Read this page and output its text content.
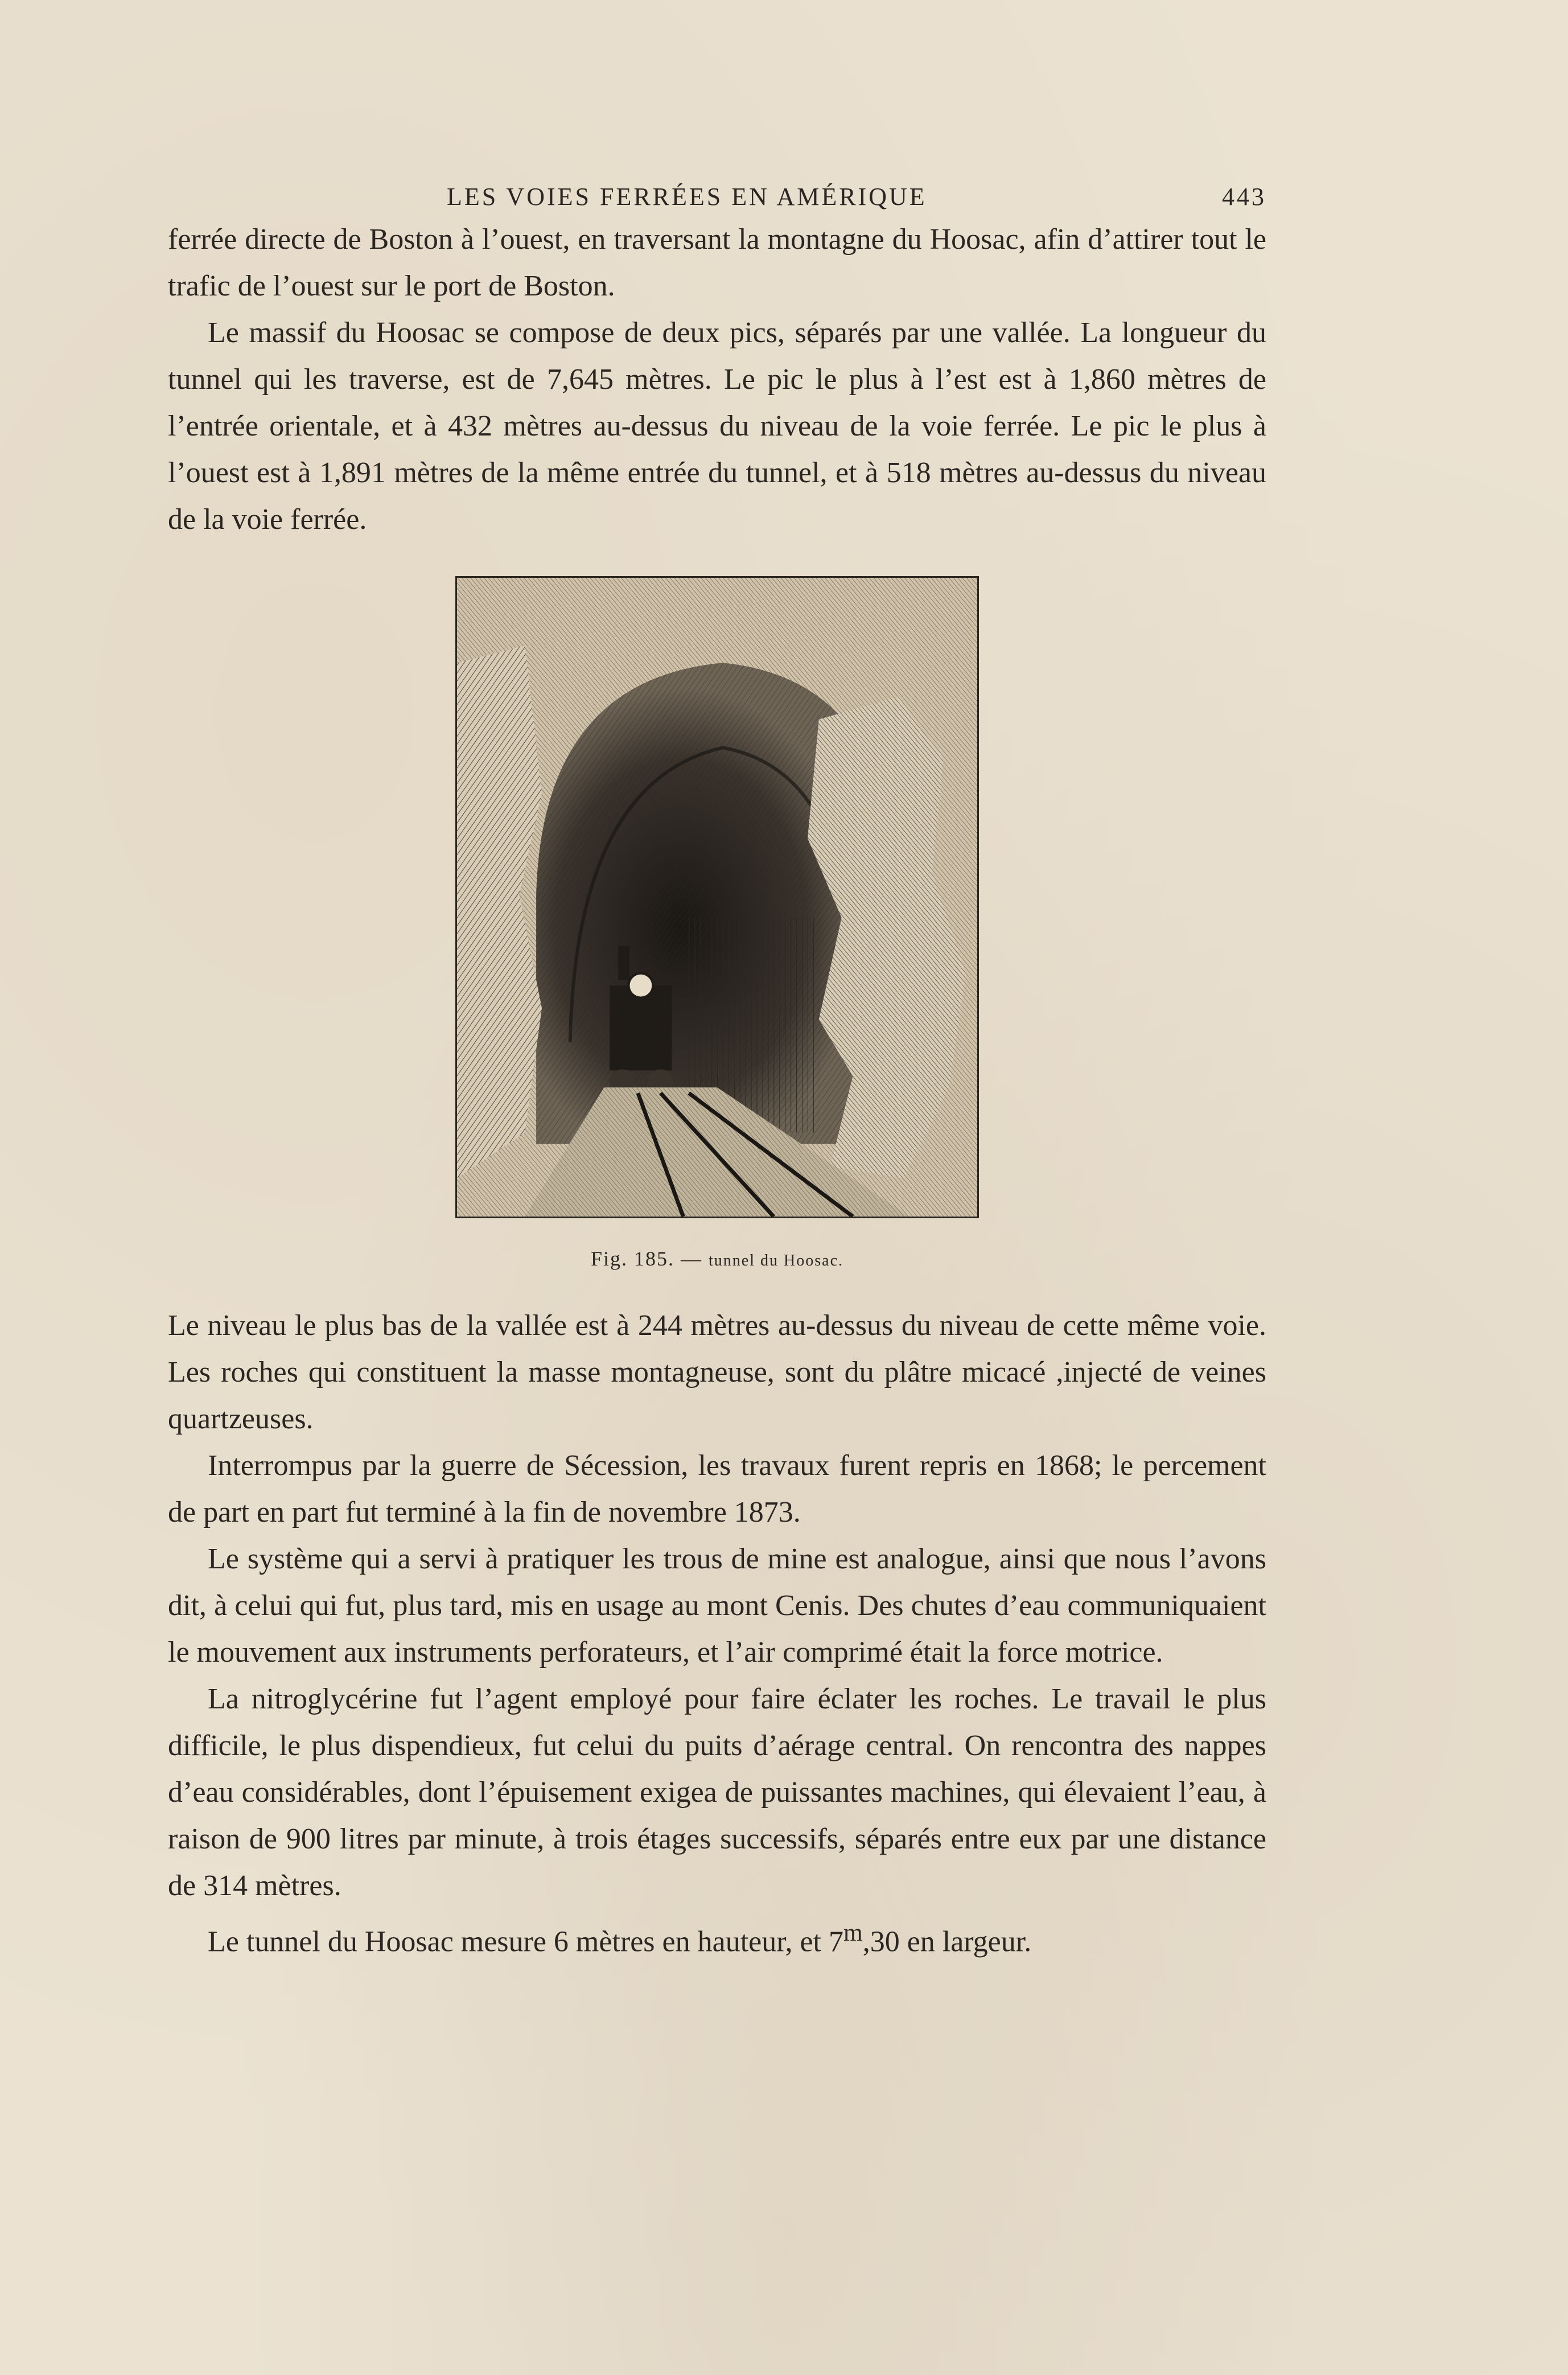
LES VOIES FERRÉES EN AMÉRIQUE	443

ferrée directe de Boston à l’ouest, en traversant la montagne du Hoosac, afin d’attirer tout le trafic de l’ouest sur le port de Boston.

Le massif du Hoosac se compose de deux pics, séparés par une vallée. La longueur du tunnel qui les traverse, est de 7,645 mètres. Le pic le plus à l’est est à 1,860 mètres de l’entrée orientale, et à 432 mètres au-dessus du niveau de la voie ferrée. Le pic le plus à l’ouest est à 1,891 mètres de la même entrée du tunnel, et à 518 mètres au-dessus du niveau de la voie ferrée.

Fig. 185. — tunnel du Hoosac.

Le niveau le plus bas de la vallée est à 244 mètres au-dessus du niveau de cette même voie. Les roches qui constituent la masse montagneuse, sont du plâtre micacé ,injecté de veines quartzeuses.

Interrompus par la guerre de Sécession, les travaux furent repris en 1868; le percement de part en part fut terminé à la fin de novembre 1873.

Le système qui a servi à pratiquer les trous de mine est analogue, ainsi que nous l’avons dit, à celui qui fut, plus tard, mis en usage au mont Cenis. Des chutes d’eau communiquaient le mouvement aux instruments perforateurs, et l’air comprimé était la force motrice.

La nitroglycérine fut l’agent employé pour faire éclater les roches. Le travail le plus difficile, le plus dispendieux, fut celui du puits d’aérage central. On rencontra des nappes d’eau considérables, dont l’épuisement exigea de puissantes machines, qui élevaient l’eau, à raison de 900 litres par minute, à trois étages successifs, séparés entre eux par une distance de 314 mètres.

Le tunnel du Hoosac mesure 6 mètres en hauteur, et 7$^m$,30 en largeur.
